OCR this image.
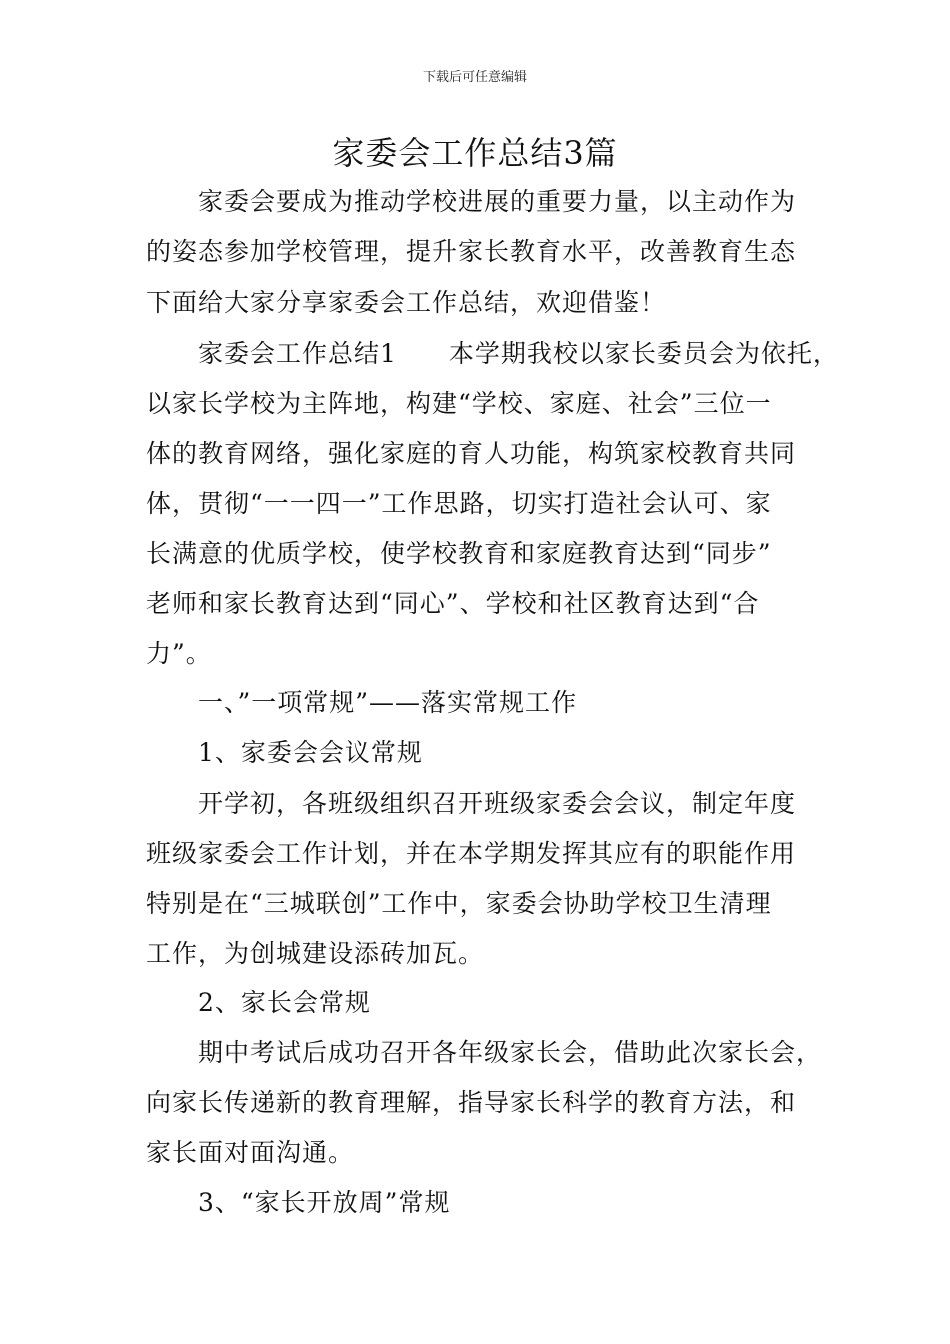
下载后可任意编辑
家委会工作总结3篇
家委会要成为推动学校进展的重要力量，以主动作为
的姿态参加学校管理，提升家长教育水平，改善教育生态
下面给大家分享家委会工作总结，欢迎借鉴！
家委会工作总结1　　本学期我校以家长委员会为依托，
以家长学校为主阵地，构建“学校、家庭、社会”三位一
体的教育网络，强化家庭的育人功能，构筑家校教育共同
体，贯彻“一一四一”工作思路，切实打造社会认可、家
长满意的优质学校，使学校教育和家庭教育达到“同步”
老师和家长教育达到“同心”、学校和社区教育达到“合
力”。
一、”一项常规”——落实常规工作
1、家委会会议常规
开学初，各班级组织召开班级家委会会议，制定年度
班级家委会工作计划，并在本学期发挥其应有的职能作用
特别是在“三城联创”工作中，家委会协助学校卫生清理
工作，为创城建设添砖加瓦。
2、家长会常规
期中考试后成功召开各年级家长会，借助此次家长会，
向家长传递新的教育理解，指导家长科学的教育方法，和
家长面对面沟通。
3、“家长开放周”常规
